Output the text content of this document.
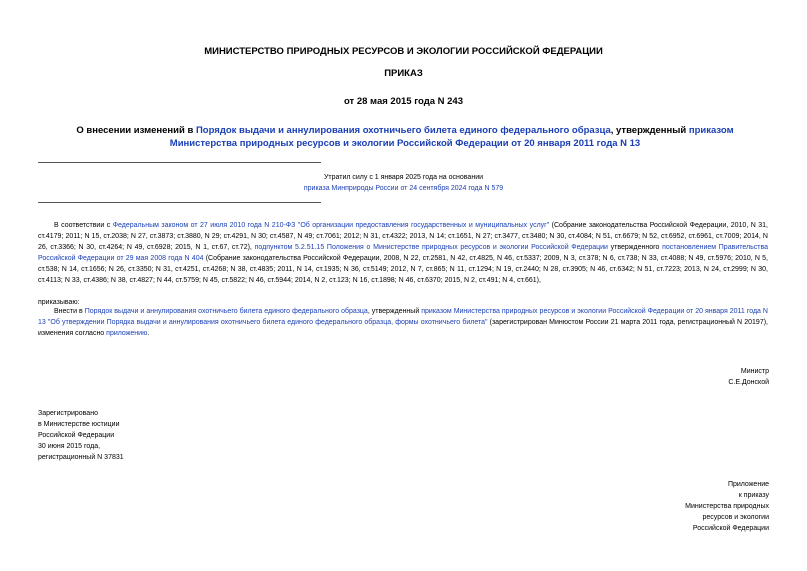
МИНИСТЕРСТВО ПРИРОДНЫХ РЕСУРСОВ И ЭКОЛОГИИ РОССИЙСКОЙ ФЕДЕРАЦИИ
ПРИКАЗ
от 28 мая 2015 года N 243
О внесении изменений в Порядок выдачи и аннулирования охотничьего билета единого федерального образца, утвержденный приказом Министерства природных ресурсов и экологии Российской Федерации от 20 января 2011 года N 13
Утратил силу с 1 января 2025 года на основании
приказа Минприроды России от 24 сентября 2024 года N 579
В соответствии с Федеральным законом от 27 июля 2010 года N 210-ФЗ "Об организации предоставления государственных и муниципальных услуг" (Собрание законодательства Российской Федерации, 2010, N 31, ст.4179; 2011; N 15, ст.2038; N 27, ст.3873; ст.3880, N 29; ст.4291, N 30; ст.4587, N 49; ст.7061; 2012; N 31, ст.4322; 2013, N 14; ст.1651, N 27; ст.3477, ст.3480; N 30, ст.4084; N 51, ст.6679; N 52, ст.6952, ст.6961, ст.7009; 2014, N 26, ст.3366; N 30, ст.4264; N 49, ст.6928; 2015, N 1, ст.67, ст.72), подпунктом 5.2.51.15 Положения о Министерстве природных ресурсов и экологии Российской Федерации утвержденного постановлением Правительства Российской Федерации от 29 мая 2008 года N 404 (Собрание законодательства Российской Федерации, 2008, N 22, ст.2581, N 42, ст.4825, N 46, ст.5337; 2009, N 3, ст.378; N 6, ст.738; N 33, ст.4088; N 49, ст.5976; 2010, N 5, ст.538; N 14, ст.1656; N 26, ст.3350; N 31, ст.4251, ст.4268; N 38, ст.4835; 2011, N 14, ст.1935; N 36, ст.5149; 2012, N 7, ст.865; N 11, ст.1294; N 19, ст.2440; N 28, ст.3905; N 46, ст.6342; N 51, ст.7223; 2013, N 24, ст.2999; N 30, ст.4113; N 33, ст.4386; N 38, ст.4827; N 44, ст.5759; N 45, ст.5822; N 46, ст.5944; 2014, N 2, ст.123; N 16, ст.1898; N 46, ст.6370; 2015, N 2, ст.491; N 4, ст.661),
приказываю:
Внести в Порядок выдачи и аннулирования охотничьего билета единого федерального образца, утвержденный приказом Министерства природных ресурсов и экологии Российской Федерации от 20 января 2011 года N 13 "Об утверждении Порядка выдачи и аннулирования охотничьего билета единого федерального образца, формы охотничьего билета" (зарегистрирован Минюстом России 21 марта 2011 года, регистрационный N 20197), изменения согласно приложению.
Министр
С.Е.Донской
Зарегистрировано
в Министерстве юстиции
Российской Федерации
30 июня 2015 года,
регистрационный N 37831
Приложение
к приказу
Министерства природных
ресурсов и экологии
Российской Федерации
